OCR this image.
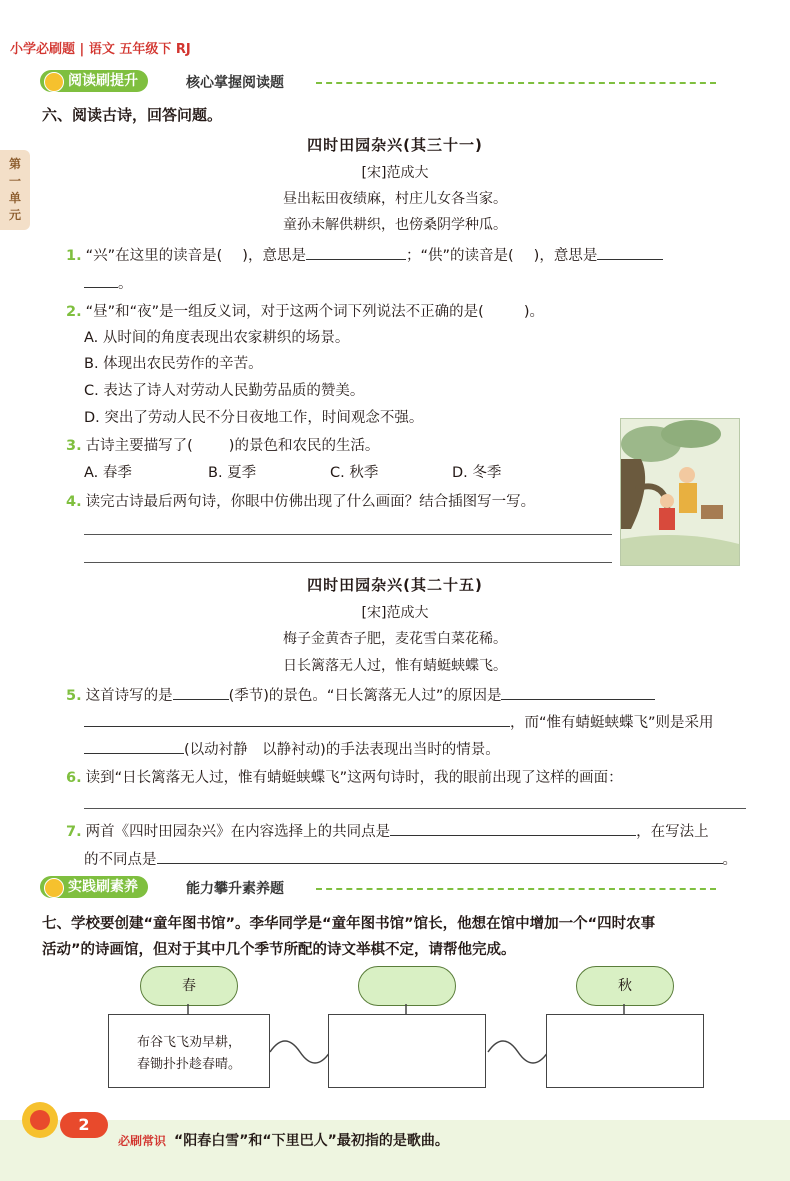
小学必刷题 | 语文 五年级下 RJ
阅读刷提升	核心掌握阅读题
第一单元
六、阅读古诗，回答问题。
四时田园杂兴(其三十一)
[宋]范成大
昼出耘田夜绩麻，村庄儿女各当家。
童孙未解供耕织，也傍桑阴学种瓜。
1. “兴”在这里的读音是( )，意思是	；“供”的读音是( )，意思是
。
2. “昼”和“夜”是一组反义词，对于这两个词下列说法不正确的是(	)。
A. 从时间的角度表现出农家耕织的场景。
B. 体现出农民劳作的辛苦。
C. 表达了诗人对劳动人民勤劳品质的赞美。
D. 突出了劳动人民不分日夜地工作，时间观念不强。
3. 古诗主要描写了( )的景色和农民的生活。
A. 春季	B. 夏季	C. 秋季	D. 冬季
4. 读完古诗最后两句诗，你眼中仿佛出现了什么画面？结合插图写一写。
四时田园杂兴(其二十五)
[宋]范成大
梅子金黄杏子肥，麦花雪白菜花稀。
日长篱落无人过，惟有蜻蜓蛱蝶飞。
5. 这首诗写的是	(季节)的景色。“日长篱落无人过”的原因是
，而“惟有蜻蜓蛱蝶飞”则是采用
(以动衬静　以静衬动)的手法表现出当时的情景。
6. 读到“日长篱落无人过，惟有蜻蜓蛱蝶飞”这两句诗时，我的眼前出现了这样的画面：
7. 两首《四时田园杂兴》在内容选择上的共同点是	，在写法上
的不同点是	。
实践刷素养	能力攀升素养题
七、学校要创建“童年图书馆”。李华同学是“童年图书馆”馆长，他想在馆中增加一个“四时农事
活动”的诗画馆，但对于其中几个季节所配的诗文举棋不定，请帮他完成。
春	秋
布谷飞飞劝早耕，
春锄扑扑趁春晴。
2
必刷常识 “阳春白雪”和“下里巴人”最初指的是歌曲。
